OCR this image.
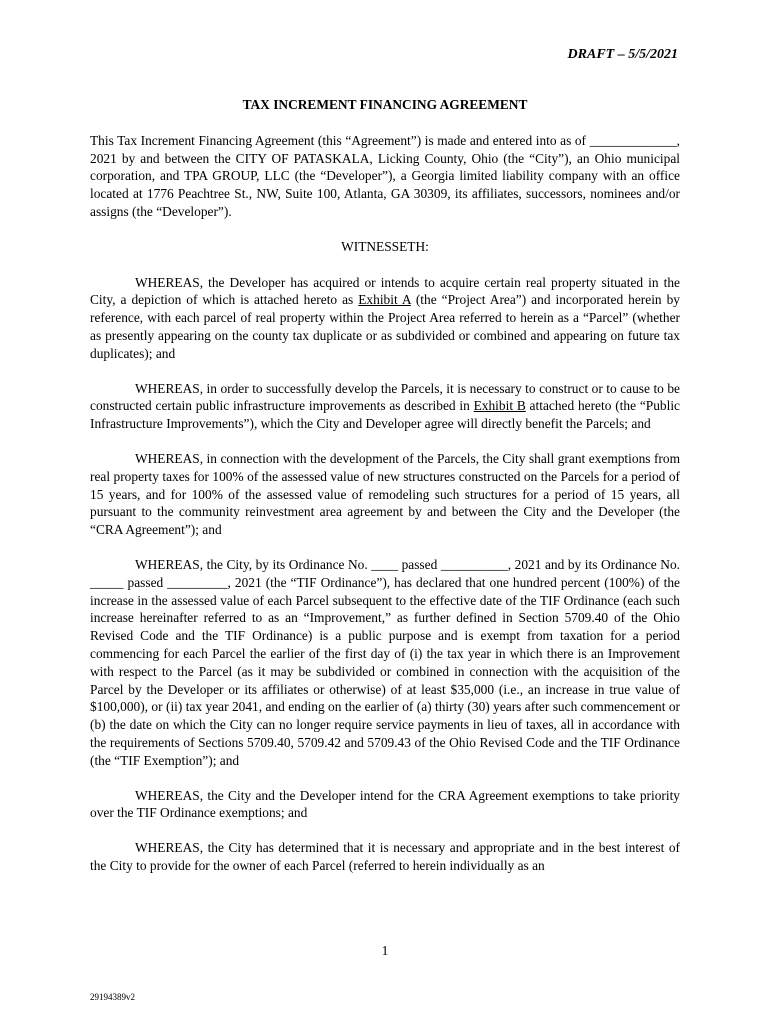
DRAFT – 5/5/2021
TAX INCREMENT FINANCING AGREEMENT

This Tax Increment Financing Agreement (this “Agreement”) is made and entered into as of _____________, 2021 by and between the CITY OF PATASKALA, Licking County, Ohio (the “City”), an Ohio municipal corporation, and TPA GROUP, LLC (the “Developer”), a Georgia limited liability company with an office located at 1776 Peachtree St., NW, Suite 100, Atlanta, GA 30309, its affiliates, successors, nominees and/or assigns (the “Developer”).

WITNESSETH:

WHEREAS, the Developer has acquired or intends to acquire certain real property situated in the City, a depiction of which is attached hereto as Exhibit A (the “Project Area”) and incorporated herein by reference, with each parcel of real property within the Project Area referred to herein as a “Parcel” (whether as presently appearing on the county tax duplicate or as subdivided or combined and appearing on future tax duplicates); and

WHEREAS, in order to successfully develop the Parcels, it is necessary to construct or to cause to be constructed certain public infrastructure improvements as described in Exhibit B attached hereto (the “Public Infrastructure Improvements”), which the City and Developer agree will directly benefit the Parcels; and

WHEREAS, in connection with the development of the Parcels, the City shall grant exemptions from real property taxes for 100% of the assessed value of new structures constructed on the Parcels for a period of 15 years, and for 100% of the assessed value of remodeling such structures for a period of 15 years, all pursuant to the community reinvestment area agreement by and between the City and the Developer (the “CRA Agreement”); and

WHEREAS, the City, by its Ordinance No. ____ passed __________, 2021 and by its Ordinance No. _____ passed _________, 2021 (the “TIF Ordinance”), has declared that one hundred percent (100%) of the increase in the assessed value of each Parcel subsequent to the effective date of the TIF Ordinance (each such increase hereinafter referred to as an “Improvement,” as further defined in Section 5709.40 of the Ohio Revised Code and the TIF Ordinance) is a public purpose and is exempt from taxation for a period commencing for each Parcel the earlier of the first day of (i) the tax year in which there is an Improvement with respect to the Parcel (as it may be subdivided or combined in connection with the acquisition of the Parcel by the Developer or its affiliates or otherwise) of at least $35,000 (i.e., an increase in true value of $100,000), or (ii) tax year 2041, and ending on the earlier of (a) thirty (30) years after such commencement or (b) the date on which the City can no longer require service payments in lieu of taxes, all in accordance with the requirements of Sections 5709.40, 5709.42 and 5709.43 of the Ohio Revised Code and the TIF Ordinance (the “TIF Exemption”); and

WHEREAS, the City and the Developer intend for the CRA Agreement exemptions to take priority over the TIF Ordinance exemptions; and

WHEREAS, the City has determined that it is necessary and appropriate and in the best interest of the City to provide for the owner of each Parcel (referred to herein individually as an

1
29194389v2
